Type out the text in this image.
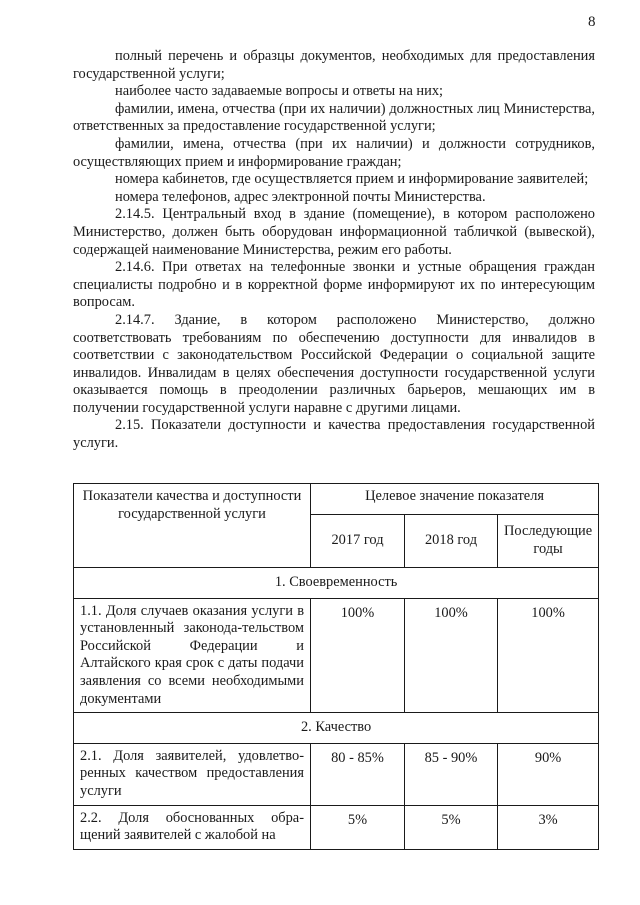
8

полный перечень и образцы документов, необходимых для предоставления государственной услуги;

наиболее часто задаваемые вопросы и ответы на них;

фамилии, имена, отчества (при их наличии) должностных лиц Министерства, ответственных за предоставление государственной услуги;

фамилии, имена, отчества (при их наличии) и должности сотрудников, осуществляющих прием и информирование граждан;

номера кабинетов, где осуществляется прием и информирование заявителей;

номера телефонов, адрес электронной почты Министерства.

2.14.5. Центральный вход в здание (помещение), в котором расположено Министерство, должен быть оборудован информационной табличкой (вывеской), содержащей наименование Министерства, режим его работы.

2.14.6. При ответах на телефонные звонки и устные обращения граждан специалисты подробно и в корректной форме информируют их по интересующим вопросам.

2.14.7. Здание, в котором расположено Министерство, должно соответствовать требованиям по обеспечению доступности для инвалидов в соответствии с законодательством Российской Федерации о социальной защите инвалидов. Инвалидам в целях обеспечения доступности государственной услуги оказывается помощь в преодолении различных барьеров, мешающих им в получении государственной услуги наравне с другими лицами.

2.15. Показатели доступности и качества предоставления государственной услуги.

Показатели качества и доступности государственной услуги	Целевое значение показателя		
	2017 год	2018 год	Последующие годы
1. Своевременность			
1.1. Доля случаев оказания услуги в установленный законода-тельством Российской Федерации и Алтайского края срок с даты подачи заявления со всеми необходимыми документами	100%	100%	100%
2. Качество			
2.1. Доля заявителей, удовлетво-ренных качеством предоставления услуги	80 - 85%	85 - 90%	90%
2.2. Доля обоснованных обра-щений заявителей с жалобой на	5%	5%	3%
